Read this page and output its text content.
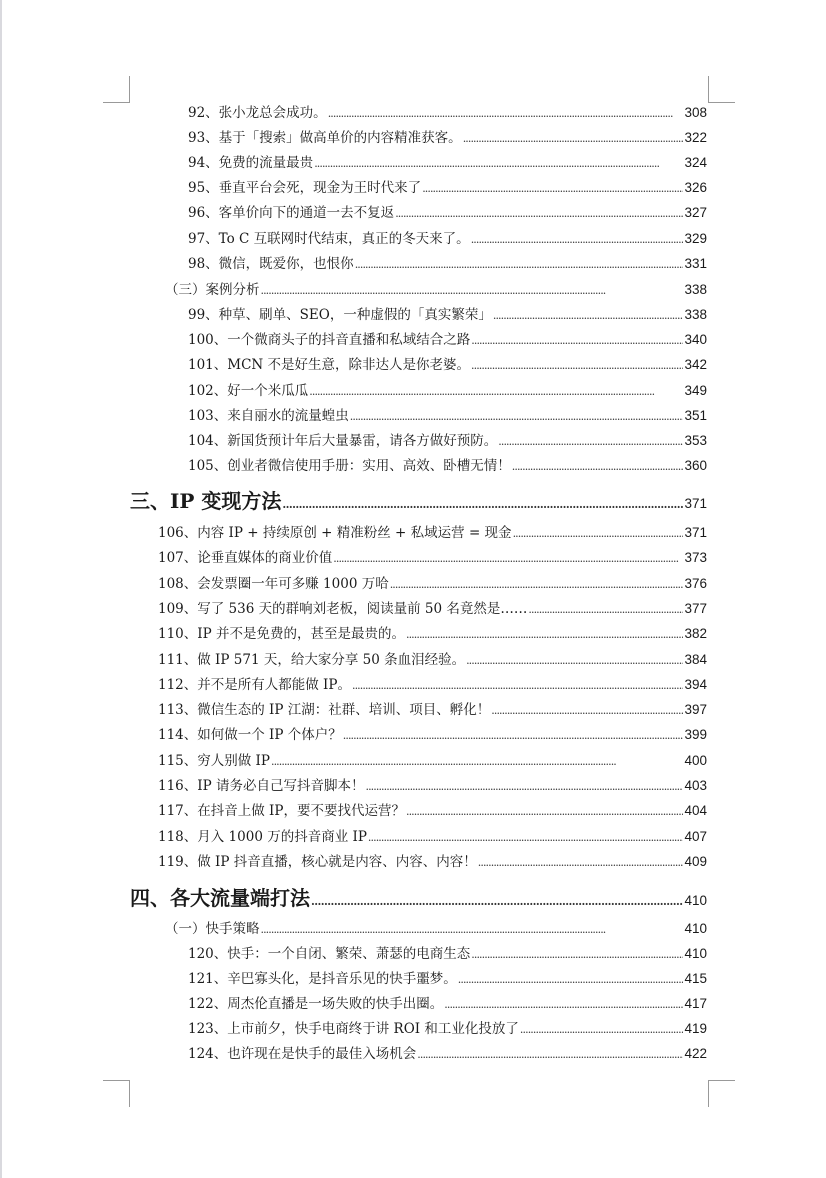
92、张小龙总会成功。 . . .	308
93、基于「搜索」做高单价的内容精准获客。 . . .	322
94、免费的流量最贵 . . .	324
95、垂直平台会死，现金为王时代来了 . . .	326
96、客单价向下的通道一去不复返 . . .	327
97、To C 互联网时代结束，真正的冬天来了。 . . .	329
98、微信，既爱你，也恨你 . . .	331
（三）案例分析 . . .	338
99、种草、刷单、SEO，一种虚假的「真实繁荣」 . . .	338
100、一个微商头子的抖音直播和私域结合之路 . . .	340
101、MCN 不是好生意，除非达人是你老婆。 . . .	342
102、好一个米瓜瓜 . . .	349
103、来自丽水的流量蝗虫 . . .	351
104、新国货预计年后大量暴雷，请各方做好预防。 . . .	353
105、创业者微信使用手册：实用、高效、卧槽无情！ . . .	360
三、IP 变现方法 . . .	371
106、内容 IP + 持续原创 + 精准粉丝 + 私域运营 = 现金 . . .	371
107、论垂直媒体的商业价值 . . .	373
108、会发票圈一年可多赚 1000 万哈 . . .	376
109、写了 536 天的群响刘老板，阅读量前 50 名竟然是…… . . .	377
110、IP 并不是免费的，甚至是最贵的。 . . .	382
111、做 IP 571 天，给大家分享 50 条血泪经验。 . . .	384
112、并不是所有人都能做 IP。 . . .	394
113、微信生态的 IP 江湖：社群、培训、项目、孵化！ . . .	397
114、如何做一个 IP 个体户？ . . .	399
115、穷人别做 IP . . .	400
116、IP 请务必自己写抖音脚本！ . . .	403
117、在抖音上做 IP，要不要找代运营？ . . .	404
118、月入 1000 万的抖音商业 IP . . .	407
119、做 IP 抖音直播，核心就是内容、内容、内容！ . . .	409
四、各大流量端打法 . . .	410
（一）快手策略 . . .	410
120、快手：一个自闭、繁荣、萧瑟的电商生态 . . .	410
121、辛巴寡头化，是抖音乐见的快手噩梦。 . . .	415
122、周杰伦直播是一场失败的快手出圈。 . . .	417
123、上市前夕，快手电商终于讲 ROI 和工业化投放了 . . .	419
124、也许现在是快手的最佳入场机会 . . .	422
